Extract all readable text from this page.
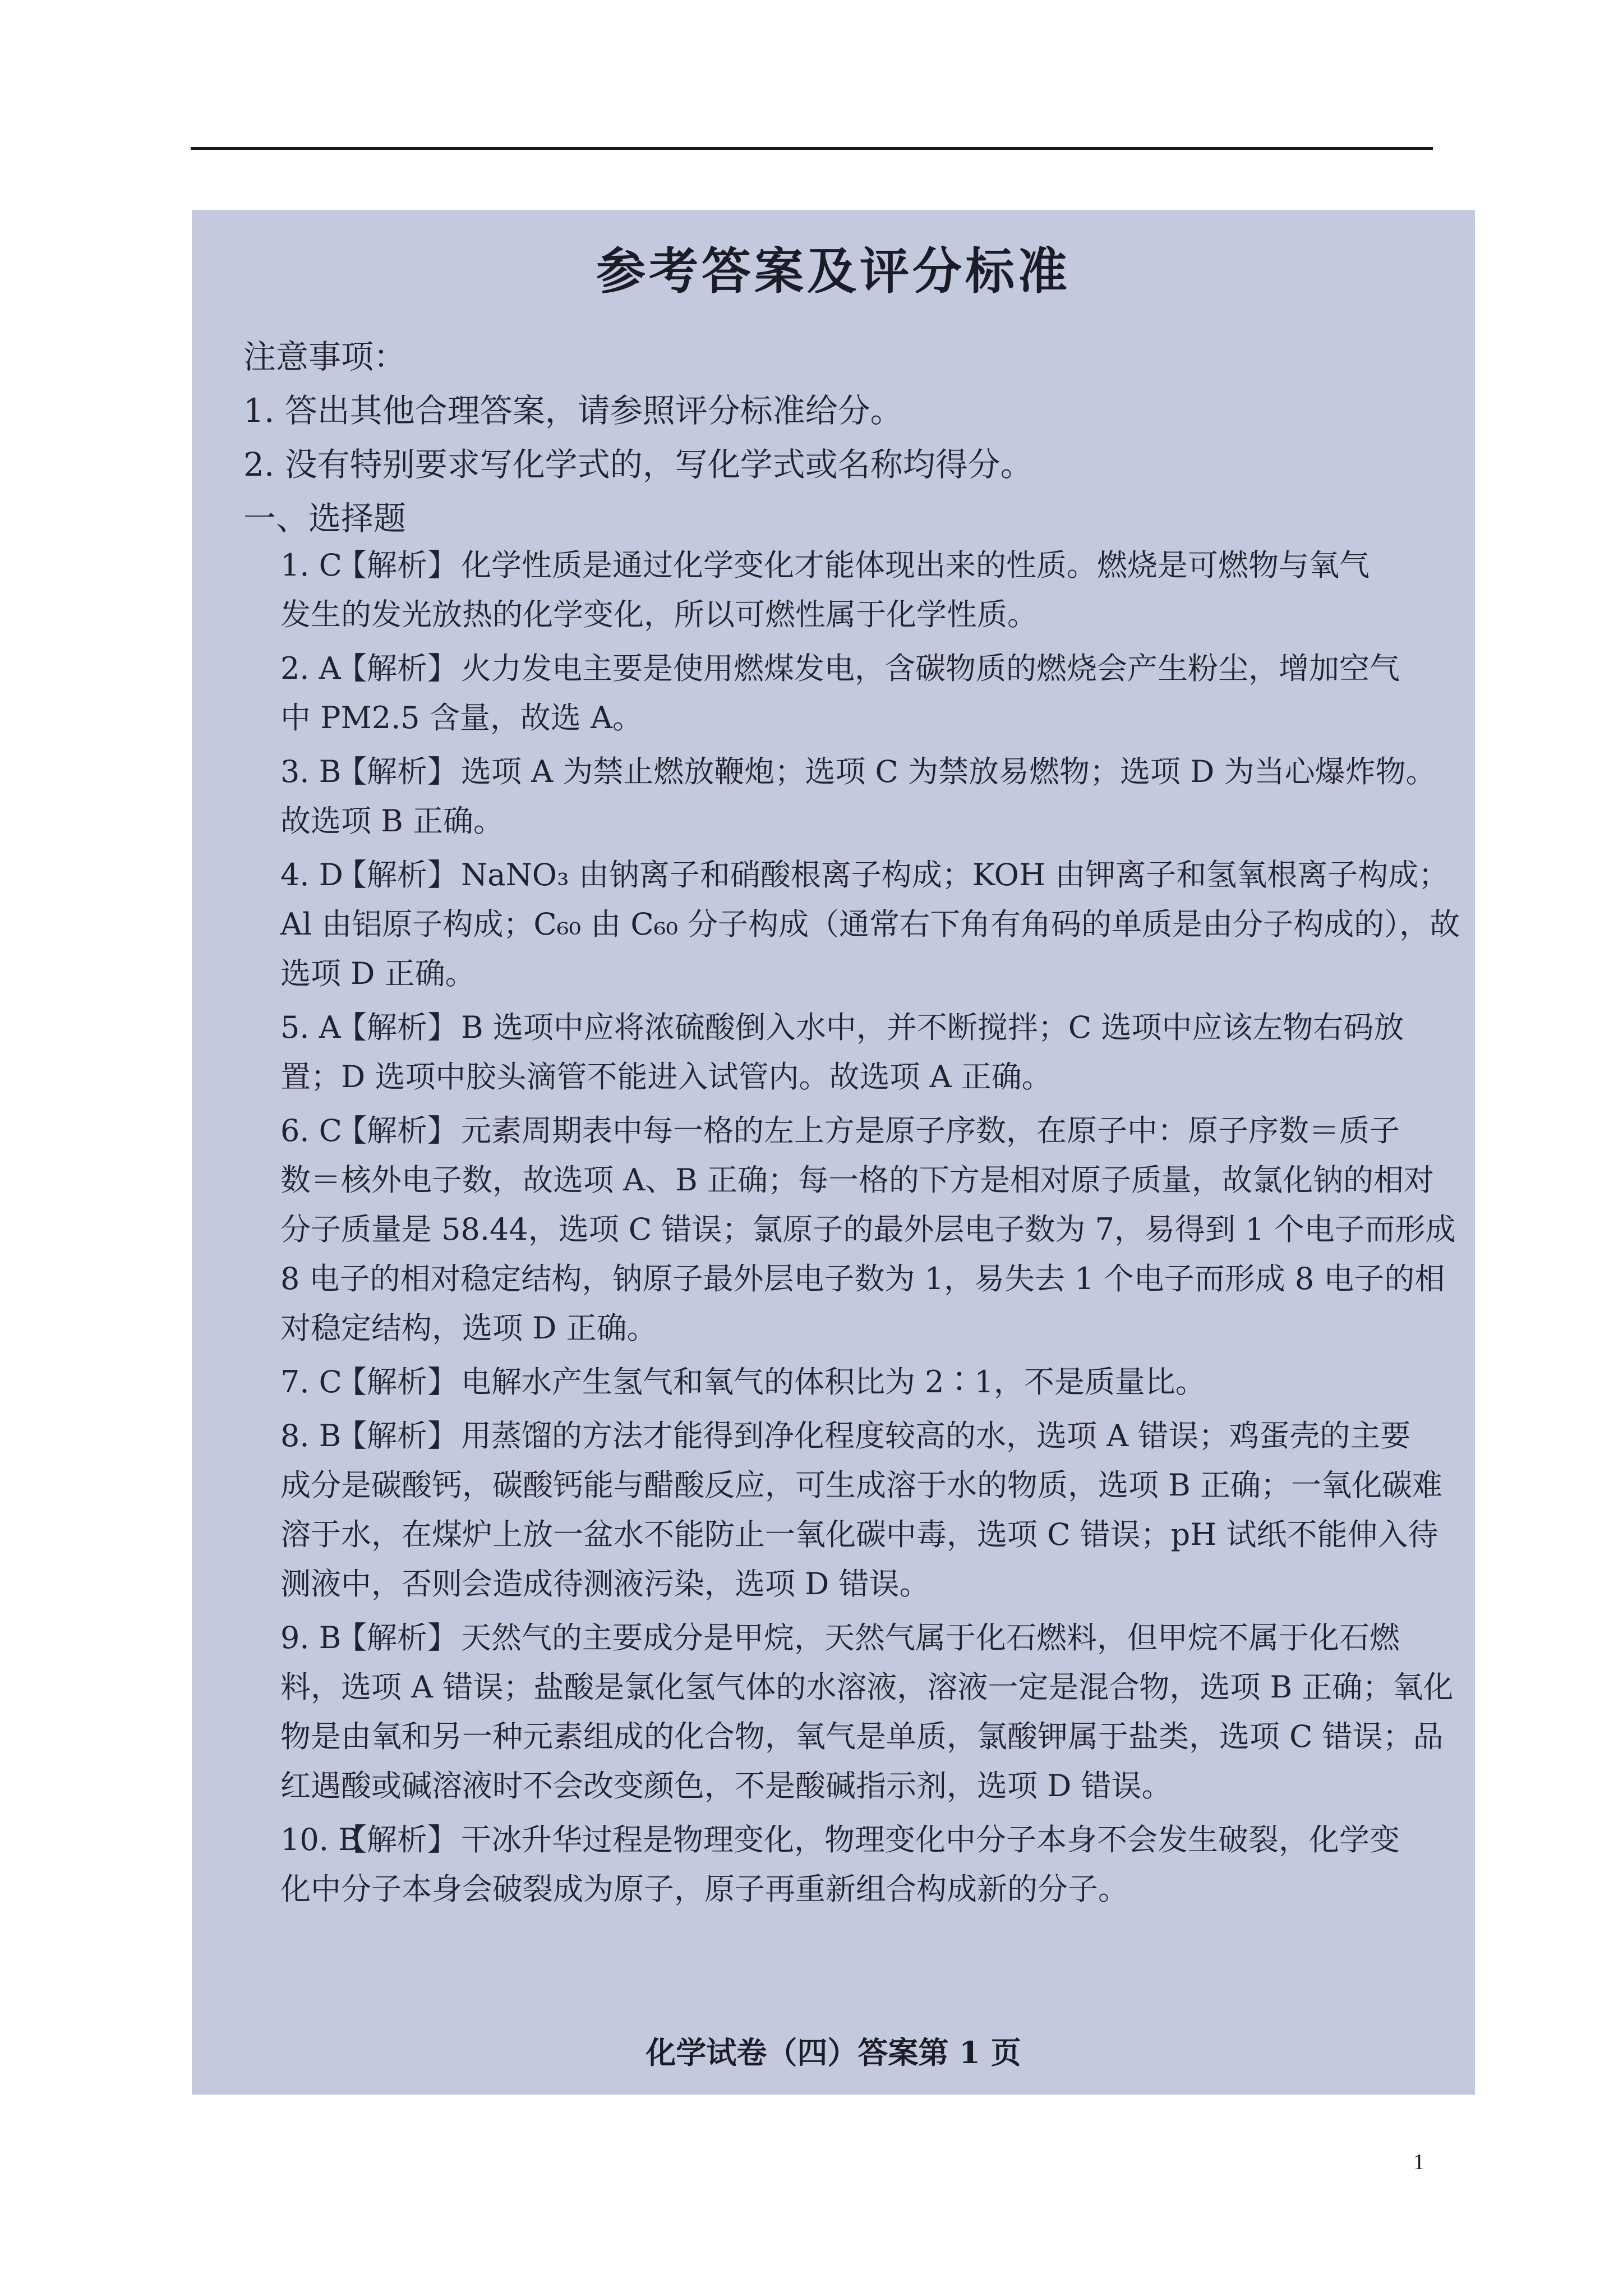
参考答案及评分标准
注意事项：
1. 答出其他合理答案，请参照评分标准给分。
2. 没有特别要求写化学式的，写化学式或名称均得分。
一、选择题
1. C【解析】 化学性质是通过化学变化才能体现出来的性质。燃烧是可燃物与氧气
发生的发光放热的化学变化，所以可燃性属于化学性质。
2. A【解析】 火力发电主要是使用燃煤发电，含碳物质的燃烧会产生粉尘，增加空气
中 PM2.5 含量，故选 A。
3. B【解析】 选项 A 为禁止燃放鞭炮；选项 C 为禁放易燃物；选项 D 为当心爆炸物。
故选项 B 正确。
4. D【解析】 NaNO₃ 由钠离子和硝酸根离子构成；KOH 由钾离子和氢氧根离子构成；
Al 由铝原子构成；C₆₀ 由 C₆₀ 分子构成（通常右下角有角码的单质是由分子构成的），故
选项 D 正确。
5. A【解析】 B 选项中应将浓硫酸倒入水中，并不断搅拌；C 选项中应该左物右码放
置；D 选项中胶头滴管不能进入试管内。故选项 A 正确。
6. C【解析】 元素周期表中每一格的左上方是原子序数，在原子中：原子序数＝质子
数＝核外电子数，故选项 A、B 正确；每一格的下方是相对原子质量，故氯化钠的相对
分子质量是 58.44，选项 C 错误；氯原子的最外层电子数为 7，易得到 1 个电子而形成
8 电子的相对稳定结构，钠原子最外层电子数为 1，易失去 1 个电子而形成 8 电子的相
对稳定结构，选项 D 正确。
7. C【解析】 电解水产生氢气和氧气的体积比为 2∶1，不是质量比。
8. B【解析】 用蒸馏的方法才能得到净化程度较高的水，选项 A 错误；鸡蛋壳的主要
成分是碳酸钙，碳酸钙能与醋酸反应，可生成溶于水的物质，选项 B 正确；一氧化碳难
溶于水，在煤炉上放一盆水不能防止一氧化碳中毒，选项 C 错误；pH 试纸不能伸入待
测液中，否则会造成待测液污染，选项 D 错误。
9. B【解析】 天然气的主要成分是甲烷，天然气属于化石燃料，但甲烷不属于化石燃
料，选项 A 错误；盐酸是氯化氢气体的水溶液，溶液一定是混合物，选项 B 正确；氧化
物是由氧和另一种元素组成的化合物，氧气是单质，氯酸钾属于盐类，选项 C 错误；品
红遇酸或碱溶液时不会改变颜色，不是酸碱指示剂，选项 D 错误。
10. B【解析】 干冰升华过程是物理变化，物理变化中分子本身不会发生破裂，化学变
化中分子本身会破裂成为原子，原子再重新组合构成新的分子。
化学试卷（四）答案第 1 页
1
